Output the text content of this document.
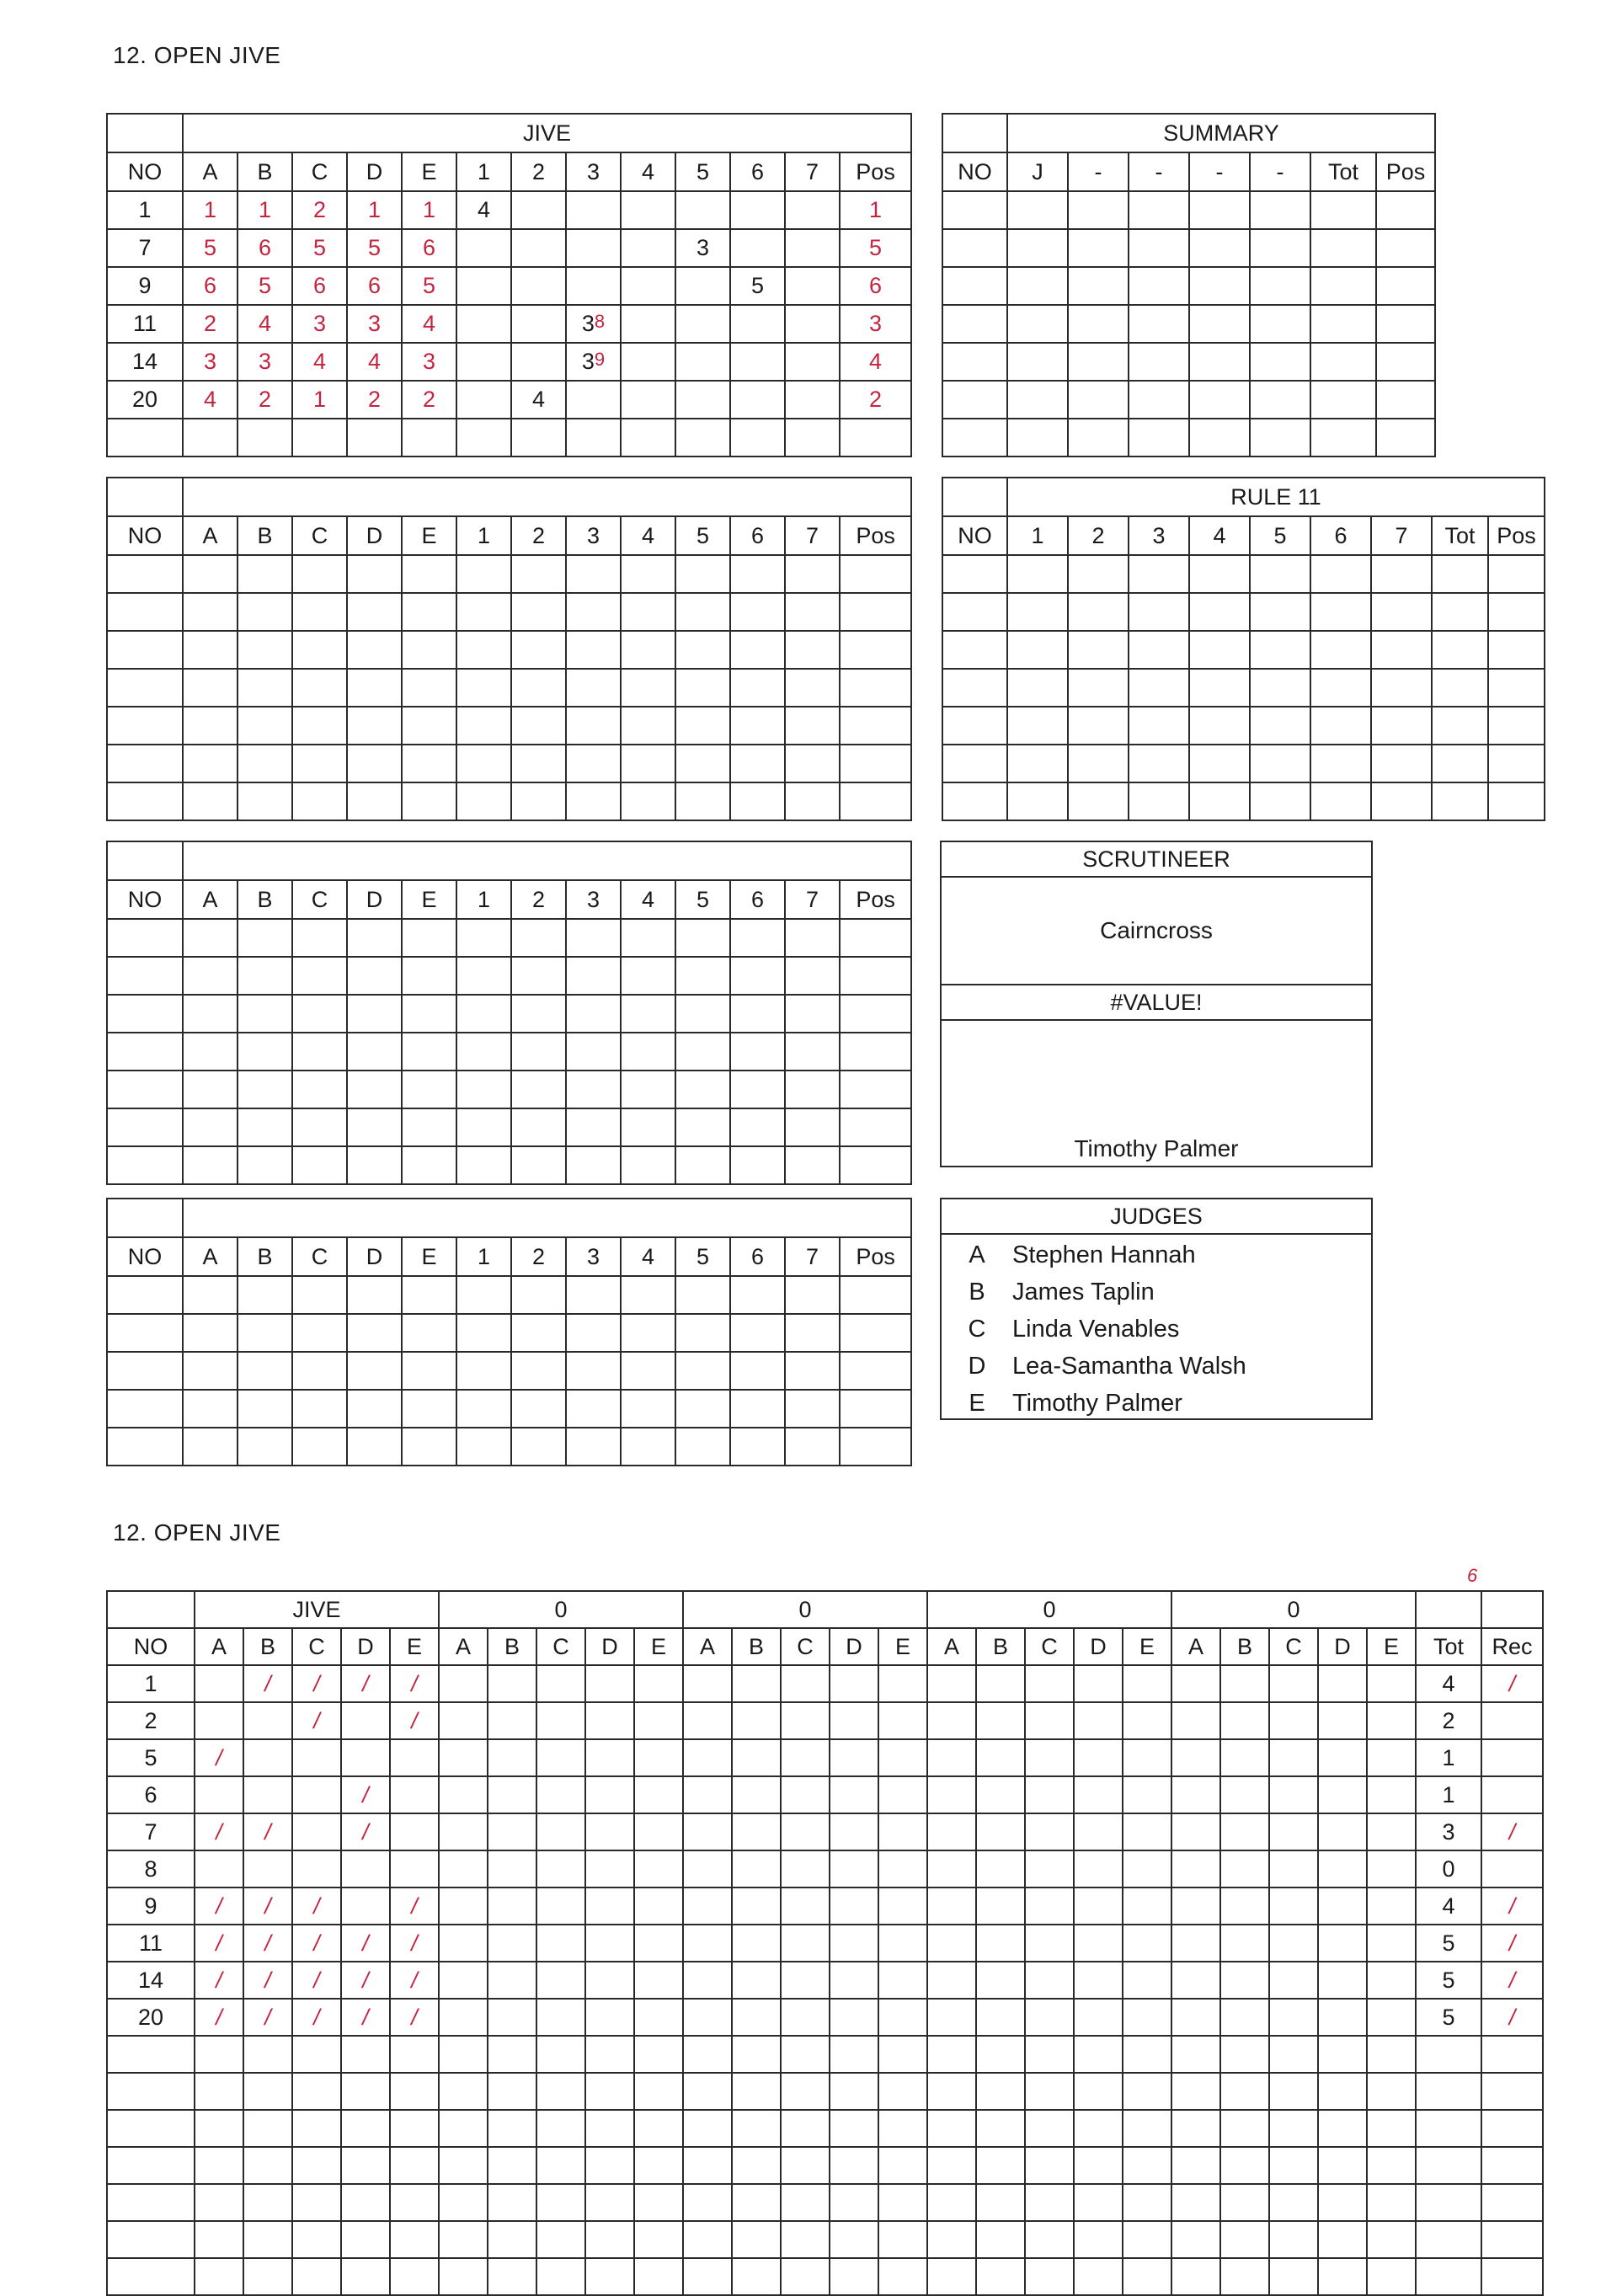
12. OPEN JIVE
	JIVE												
NO	A	B	C	D	E	1	2	3	4	5	6	7	Pos
1	1	1	2	1	1	4							1
7	5	6	5	5	6					3			5
9	6	5	6	6	5						5		6
11	2	4	3	3	4			$3^8$					3
14	3	3	4	4	3			$3^9$					4
20	4	2	1	2	2		4						2

	SUMMARY						
NO	J	-	-	-	-	Tot	Pos

NO	A	B	C	D	E	1	2	3	4	5	6	7	Pos

	RULE 11								
NO	1	2	3	4	5	6	7	Tot	Pos

NO	A	B	C	D	E	1	2	3	4	5	6	7	Pos

SCRUTINEER
Cairncross
#VALUE!
Timothy Palmer

NO	A	B	C	D	E	1	2	3	4	5	6	7	Pos

JUDGES
A	Stephen Hannah
B	James Taplin
C	Linda Venables
D	Lea-Samantha Walsh
E	Timothy Palmer
12. OPEN JIVE
6
	JIVE					0					0					0					0						
NO	A	B	C	D	E	A	B	C	D	E	A	B	C	D	E	A	B	C	D	E	A	B	C	D	E	Tot	Rec
1		/	/	/	/																					4	/
2			/		/																					2	
5	/																									1	
6				/																						1	
7	/	/		/																						3	/
8																										0	
9	/	/	/		/																					4	/
11	/	/	/	/	/																					5	/
14	/	/	/	/	/																					5	/
20	/	/	/	/	/																					5	/
